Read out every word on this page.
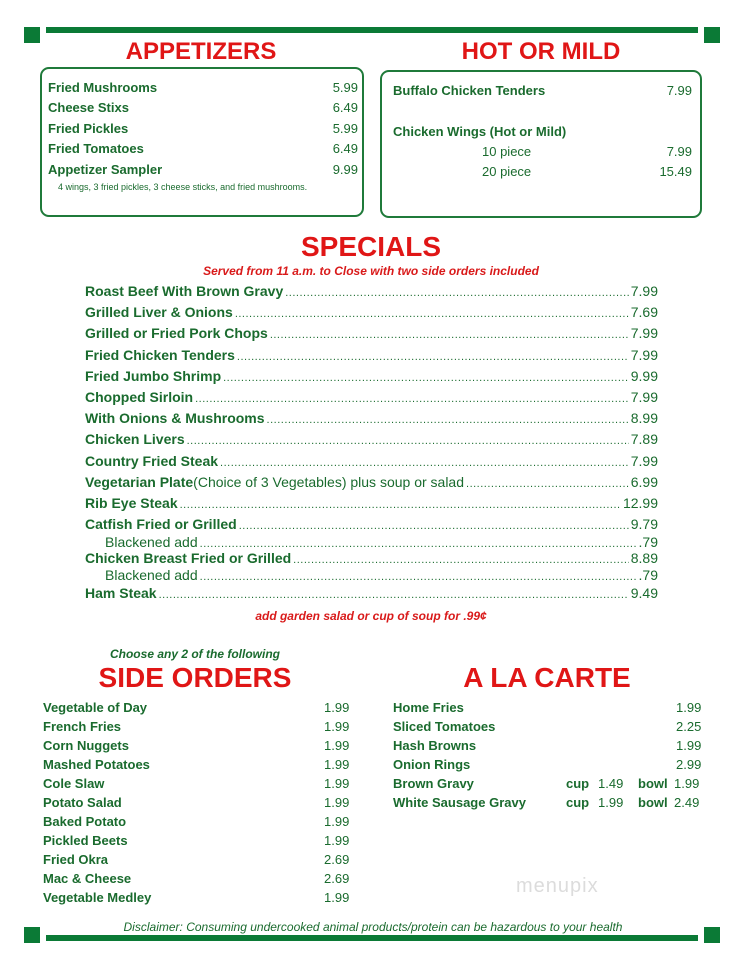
APPETIZERS
Fried Mushrooms	5.99
Cheese Stixs	6.49
Fried Pickles	5.99
Fried Tomatoes	6.49
Appetizer Sampler	9.99
4 wings, 3 fried pickles, 3 cheese sticks, and fried mushrooms.
HOT OR MILD
Buffalo Chicken Tenders	7.99
Chicken Wings (Hot or Mild)
10 piece	7.99
20 piece	15.49
SPECIALS
Served from 11 a.m. to Close with two side orders included
Roast Beef With Brown Gravy .....	7.99
Grilled Liver & Onions .....	7.69
Grilled or Fried Pork Chops .....	7.99
Fried Chicken Tenders .....	7.99
Fried Jumbo Shrimp .....	9.99
Chopped Sirloin .....	7.99
With Onions & Mushrooms .....	8.99
Chicken Livers .....	7.89
Country Fried Steak .....	7.99
Vegetarian Plate (Choice of 3 Vegetables) plus soup or salad .....	6.99
Rib Eye Steak .....	12.99
Catfish Fried or Grilled .....	9.79
Blackened add .....	.79
Chicken Breast Fried or Grilled .....	8.89
Blackened add .....	.79
Ham Steak .....	9.49
add garden salad or cup of soup for .99¢
Choose any 2 of the following
SIDE ORDERS
Vegetable of Day	1.99
French Fries	1.99
Corn Nuggets	1.99
Mashed Potatoes	1.99
Cole Slaw	1.99
Potato Salad	1.99
Baked Potato	1.99
Pickled Beets	1.99
Fried Okra	2.69
Mac & Cheese	2.69
Vegetable Medley	1.99
A LA CARTE
Home Fries	1.99
Sliced Tomatoes	2.25
Hash Browns	1.99
Onion Rings	2.99
Brown Gravy	cup 1.49 bowl 1.99
White Sausage Gravy	cup 1.99 bowl 2.49
menupix
Disclaimer: Consuming undercooked animal products/protein can be hazardous to your health
